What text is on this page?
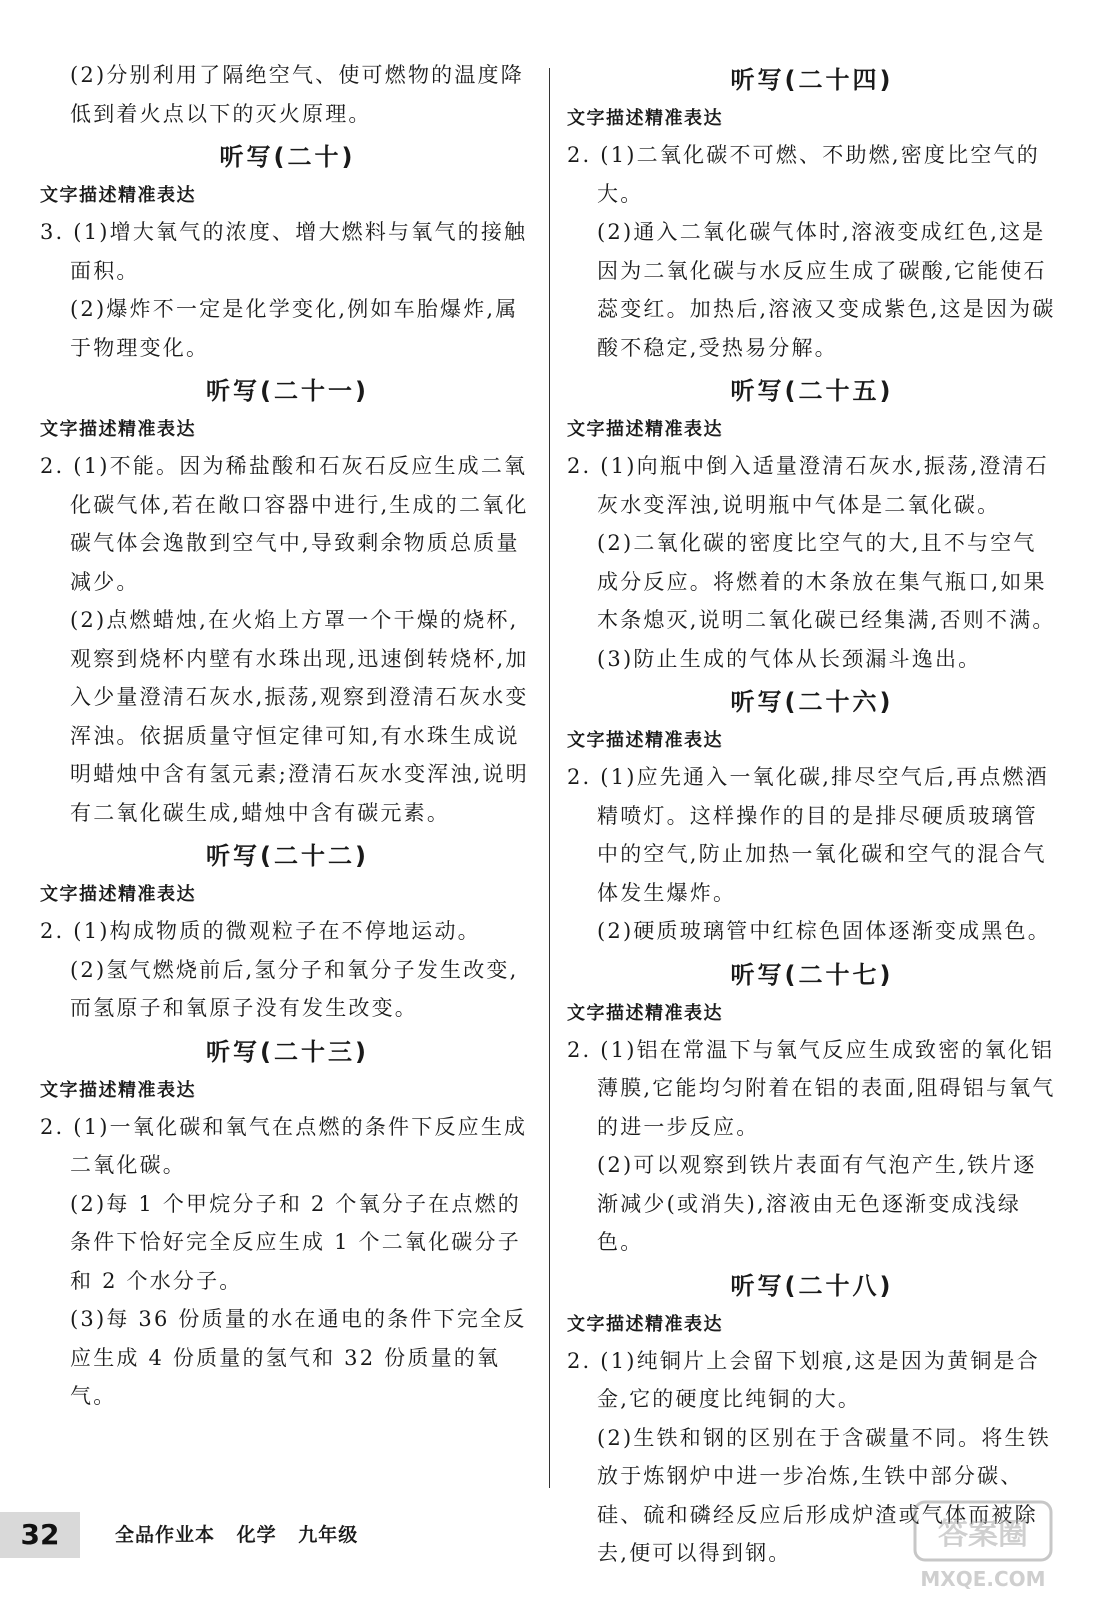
(2)分别利用了隔绝空气、使可燃物的温度降低到着火点以下的灭火原理。

听写(二十)

文字描述精准表达

3. (1)增大氧气的浓度、增大燃料与氧气的接触面积。

(2)爆炸不一定是化学变化,例如车胎爆炸,属于物理变化。

听写(二十一)

文字描述精准表达

2. (1)不能。因为稀盐酸和石灰石反应生成二氧化碳气体,若在敞口容器中进行,生成的二氧化碳气体会逸散到空气中,导致剩余物质总质量减少。

(2)点燃蜡烛,在火焰上方罩一个干燥的烧杯,观察到烧杯内壁有水珠出现,迅速倒转烧杯,加入少量澄清石灰水,振荡,观察到澄清石灰水变浑浊。依据质量守恒定律可知,有水珠生成说明蜡烛中含有氢元素;澄清石灰水变浑浊,说明有二氧化碳生成,蜡烛中含有碳元素。

听写(二十二)

文字描述精准表达

2. (1)构成物质的微观粒子在不停地运动。

(2)氢气燃烧前后,氢分子和氧分子发生改变,而氢原子和氧原子没有发生改变。

听写(二十三)

文字描述精准表达

2. (1)一氧化碳和氧气在点燃的条件下反应生成二氧化碳。

(2)每 1 个甲烷分子和 2 个氧分子在点燃的条件下恰好完全反应生成 1 个二氧化碳分子和 2 个水分子。

(3)每 36 份质量的水在通电的条件下完全反应生成 4 份质量的氢气和 32 份质量的氧气。

听写(二十四)

文字描述精准表达

2. (1)二氧化碳不可燃、不助燃,密度比空气的大。

(2)通入二氧化碳气体时,溶液变成红色,这是因为二氧化碳与水反应生成了碳酸,它能使石蕊变红。加热后,溶液又变成紫色,这是因为碳酸不稳定,受热易分解。

听写(二十五)

文字描述精准表达

2. (1)向瓶中倒入适量澄清石灰水,振荡,澄清石灰水变浑浊,说明瓶中气体是二氧化碳。

(2)二氧化碳的密度比空气的大,且不与空气成分反应。将燃着的木条放在集气瓶口,如果木条熄灭,说明二氧化碳已经集满,否则不满。

(3)防止生成的气体从长颈漏斗逸出。

听写(二十六)

文字描述精准表达

2. (1)应先通入一氧化碳,排尽空气后,再点燃酒精喷灯。这样操作的目的是排尽硬质玻璃管中的空气,防止加热一氧化碳和空气的混合气体发生爆炸。

(2)硬质玻璃管中红棕色固体逐渐变成黑色。

听写(二十七)

文字描述精准表达

2. (1)铝在常温下与氧气反应生成致密的氧化铝薄膜,它能均匀附着在铝的表面,阻碍铝与氧气的进一步反应。

(2)可以观察到铁片表面有气泡产生,铁片逐渐减少(或消失),溶液由无色逐渐变成浅绿色。

听写(二十八)

文字描述精准表达

2. (1)纯铜片上会留下划痕,这是因为黄铜是合金,它的硬度比纯铜的大。

(2)生铁和钢的区别在于含碳量不同。将生铁放于炼钢炉中进一步冶炼,生铁中部分碳、硅、硫和磷经反应后形成炉渣或气体而被除去,便可以得到钢。

32	全品作业本 化学 九年级	答案圈
MXQE.COM
